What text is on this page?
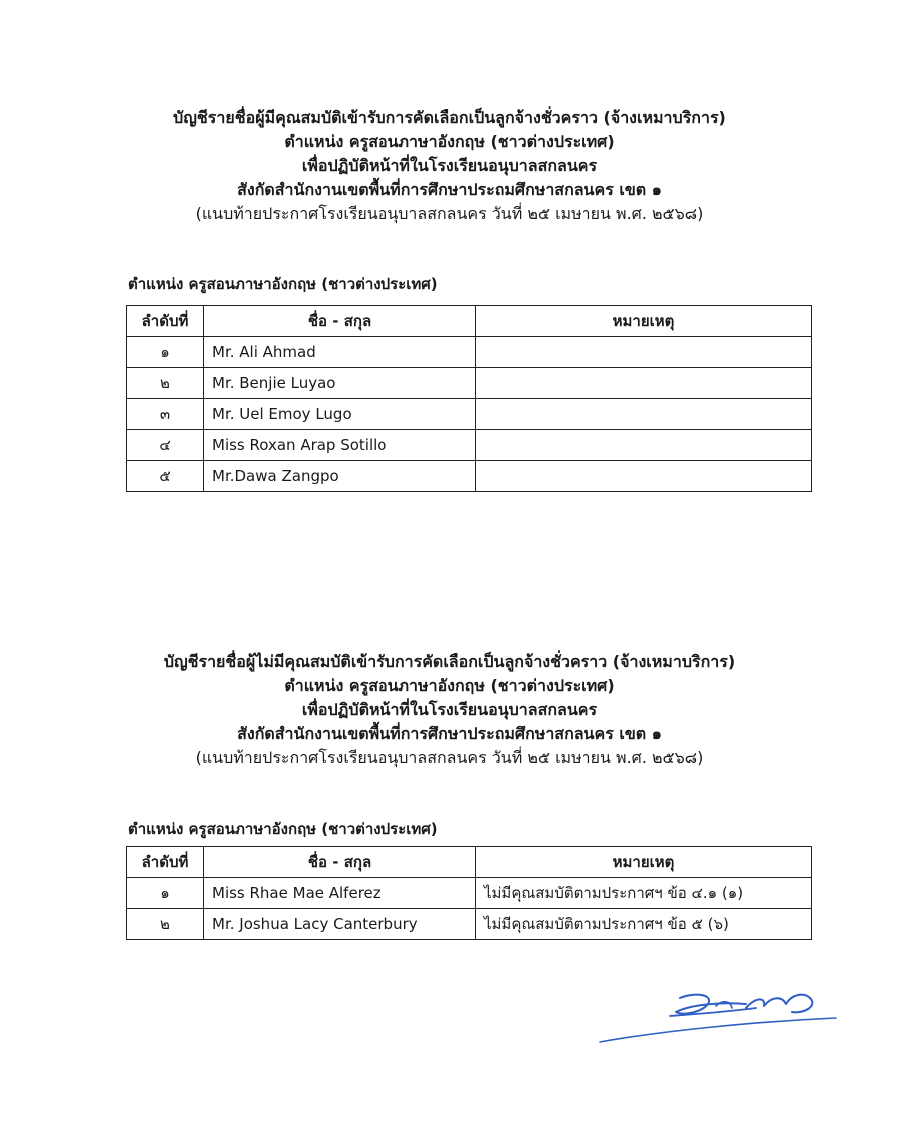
บัญชีรายชื่อผู้มีคุณสมบัติเข้ารับการคัดเลือกเป็นลูกจ้างชั่วคราว (จ้างเหมาบริการ)

ตำแหน่ง ครูสอนภาษาอังกฤษ (ชาวต่างประเทศ)

เพื่อปฏิบัติหน้าที่ในโรงเรียนอนุบาลสกลนคร

สังกัดสำนักงานเขตพื้นที่การศึกษาประถมศึกษาสกลนคร เขต ๑

(แนบท้ายประกาศโรงเรียนอนุบาลสกลนคร วันที่ ๒๕ เมษายน พ.ศ. ๒๕๖๘)

ตำแหน่ง ครูสอนภาษาอังกฤษ (ชาวต่างประเทศ)
ลำดับที่	ชื่อ - สกุล	หมายเหตุ
๑	Mr. Ali Ahmad	
๒	Mr. Benjie Luyao	
๓	Mr. Uel Emoy Lugo	
๔	Miss Roxan Arap Sotillo	
๕	Mr.Dawa Zangpo	

บัญชีรายชื่อผู้ไม่มีคุณสมบัติเข้ารับการคัดเลือกเป็นลูกจ้างชั่วคราว (จ้างเหมาบริการ)

ตำแหน่ง ครูสอนภาษาอังกฤษ (ชาวต่างประเทศ)

เพื่อปฏิบัติหน้าที่ในโรงเรียนอนุบาลสกลนคร

สังกัดสำนักงานเขตพื้นที่การศึกษาประถมศึกษาสกลนคร เขต ๑

(แนบท้ายประกาศโรงเรียนอนุบาลสกลนคร วันที่ ๒๕ เมษายน พ.ศ. ๒๕๖๘)

ตำแหน่ง ครูสอนภาษาอังกฤษ (ชาวต่างประเทศ)
ลำดับที่	ชื่อ - สกุล	หมายเหตุ
๑	Miss Rhae Mae Alferez	ไม่มีคุณสมบัติตามประกาศฯ ข้อ ๔.๑ (๑)
๒	Mr. Joshua Lacy Canterbury	ไม่มีคุณสมบัติตามประกาศฯ ข้อ ๕ (๖)
